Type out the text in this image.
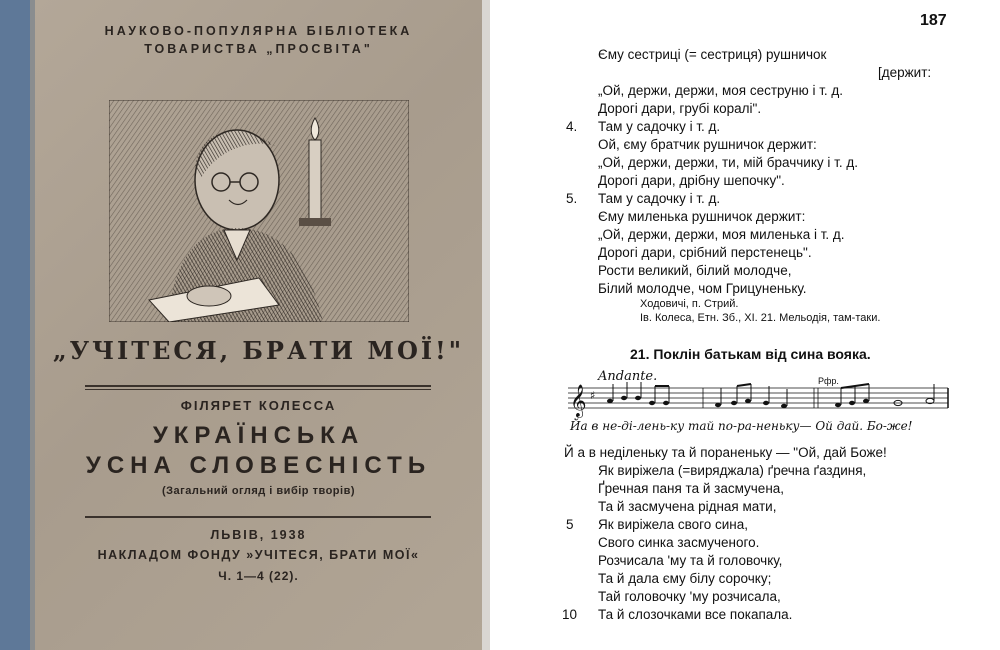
НАУКОВО-ПОПУЛЯРНА БІБЛІОТЕКА
ТОВАРИСТВА „ПРОСВІТА"
„УЧІТЕСЯ, БРАТИ МОЇ!"
ФІЛЯРЕТ КОЛЕССА
УКРАЇНСЬКА
УСНА СЛОВЕСНІСТЬ
(Загальний огляд і вибір творів)
ЛЬВІВ, 1938
НАКЛАДОМ ФОНДУ »УЧІТЕСЯ, БРАТИ МОЇ«
Ч. 1—4 (22).
187
Єму сестриці (= сестриця) рушничок
[держит:
„Ой, держи, держи, моя сеструню і т. д.
Дорогі дари, грубі коралі".
4. Там у садочку і т. д.
Ой, єму братчик рушничок держит:
„Ой, держи, держи, ти, мій браччику і т. д.
Дорогі дари, дрібну шепочку".
5. Там у садочку і т. д.
Єму миленька рушничок держит:
„Ой, держи, держи, моя миленька і т. д.
Дорогі дари, срібний перстенець".
Рости великий, білий молодче,
Білий молодче, чом Грицуненьку.
Ходовичі, п. Стрий.
Ів. Колеса, Етн. Зб., XI. 21. Мельодія, там-таки.
21. Поклін батькам від сина вояка.
Andante.	Pфр.
𝄞 ♯
Йа в не-ді-лень-ку тай по-ра-неньку— Ой дай. Бо-же!
Й а в неділеньку та й пораненьку — "Ой, дай Боже!
Як виріжела (=виряджала) ґречна ґаздиня,
Ґречная паня та й засмучена,
Та й засмучена рідная мати,
5 Як виріжела свого сина,
Свого синка засмученого.
Розчисала 'му та й головочку,
Та й дала єму білу сорочку;
Тай головочку 'му розчисала,
10 Та й слозочками все покапала.
